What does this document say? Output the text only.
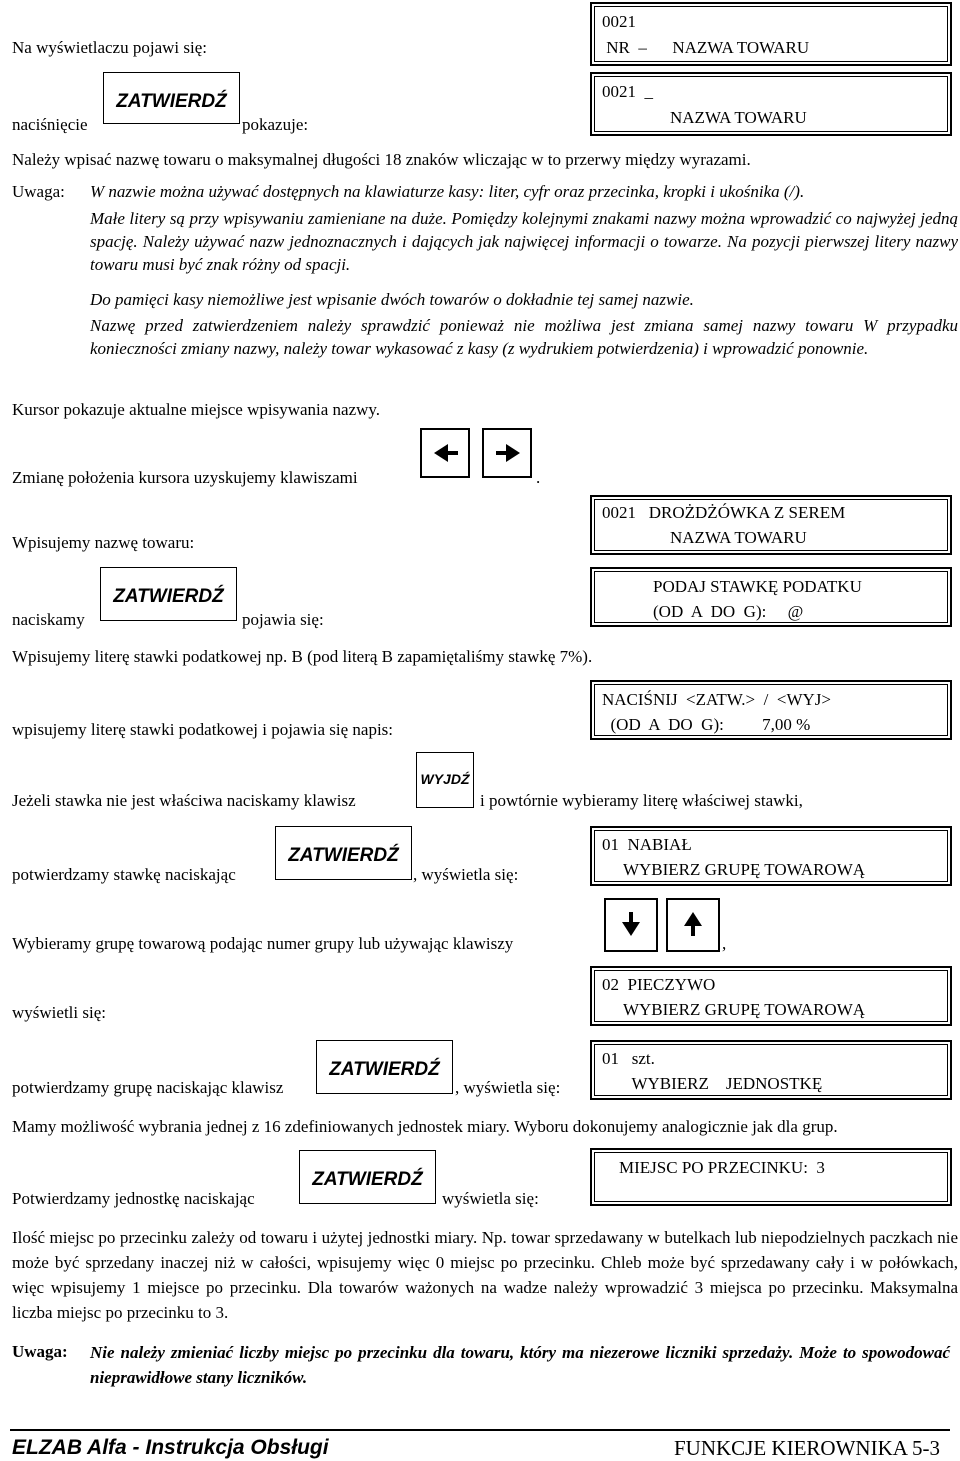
Na wyświetlaczu pojawi się:
0021
NR  –      NAZWA TOWARU
naciśnięcie
ZATWIERDŹ
pokazuje:
0021  _
NAZWA TOWARU
Należy wpisać nazwę towaru o maksymalnej długości 18 znaków wliczając w to przerwy między wyrazami.
Uwaga: W nazwie można używać dostępnych na klawiaturze kasy: liter, cyfr oraz przecinka, kropki i ukośnika (/).
Małe litery są przy wpisywaniu zamieniane na duże. Pomiędzy kolejnymi znakami nazwy można wprowadzić co najwyżej jedną spację. Należy używać nazw jednoznacznych i dających jak najwięcej informacji o towarze. Na pozycji pierwszej litery nazwy towaru musi być znak różny od spacji.
Do pamięci kasy niemożliwe jest wpisanie dwóch towarów o dokładnie tej samej nazwie.
Nazwę przed zatwierdzeniem należy sprawdzić ponieważ nie możliwa jest zmiana samej nazwy towaru W przypadku konieczności zmiany nazwy, należy towar wykasować z kasy (z wydrukiem potwierdzenia) i wprowadzić ponownie.
Kursor pokazuje aktualne miejsce wpisywania nazwy.
Zmianę położenia kursora uzyskujemy klawiszami	.
Wpisujemy nazwę towaru:
0021   DROŻDŻÓWKA Z SEREM
NAZWA TOWARU
naciskamy
ZATWIERDŹ
pojawia się:
PODAJ STAWKĘ PODATKU
(OD  A  DO  G):     @
Wpisujemy literę stawki podatkowej np. B (pod literą B zapamiętaliśmy stawkę 7%).
wpisujemy literę stawki podatkowej i pojawia się napis:
NACIŚNIJ  <ZATW.>  /  <WYJ>
(OD  A  DO  G):         7,00 %
Jeżeli stawka nie jest właściwa naciskamy klawisz
WYJDŹ
i powtórnie wybieramy literę właściwej stawki,
potwierdzamy stawkę naciskając
ZATWIERDŹ
, wyświetla się:
01  NABIAŁ
WYBIERZ GRUPĘ TOWAROWĄ
Wybieramy grupę towarową podając numer grupy lub używając klawiszy	,
wyświetli się:
02  PIECZYWO
WYBIERZ GRUPĘ TOWAROWĄ
potwierdzamy grupę naciskając klawisz
ZATWIERDŹ
, wyświetla się:
01   szt.
WYBIERZ    JEDNOSTKĘ
Mamy możliwość wybrania jednej z 16 zdefiniowanych jednostek miary. Wyboru dokonujemy analogicznie jak dla grup.
Potwierdzamy jednostkę naciskając
ZATWIERDŹ
wyświetla się:
MIEJSC PO PRZECINKU:  3
Ilość miejsc po przecinku zależy od towaru i użytej jednostki miary. Np. towar sprzedawany w butelkach lub niepodzielnych paczkach nie może być sprzedany inaczej niż w całości, wpisujemy więc 0 miejsc po przecinku. Chleb może być sprzedawany cały i w połówkach, więc wpisujemy 1 miejsce po przecinku. Dla towarów ważonych na wadze należy wprowadzić 3 miejsca po przecinku. Maksymalna liczba miejsc po przecinku to 3.
Uwaga: Nie należy zmieniać liczby miejsc po przecinku dla towaru, który ma niezerowe liczniki sprzedaży. Może to spowodować nieprawidłowe stany liczników.
ELZAB Alfa - Instrukcja Obsługi	FUNKCJE KIEROWNIKA 5-3
